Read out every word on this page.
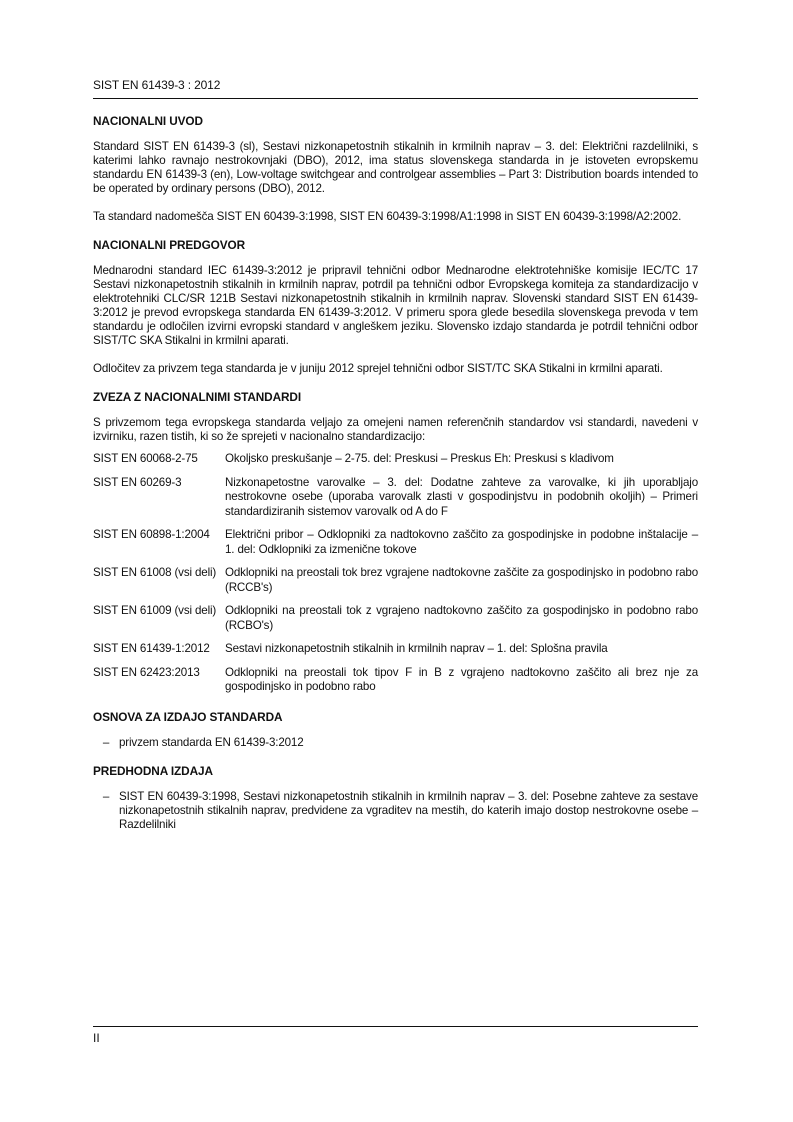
SIST EN 61439-3 : 2012
NACIONALNI UVOD

Standard SIST EN 61439-3 (sl), Sestavi nizkonapetostnih stikalnih in krmilnih naprav – 3. del: Električni razdelilniki, s katerimi lahko ravnajo nestrokovnjaki (DBO), 2012, ima status slovenskega standarda in je istoveten evropskemu standardu EN 61439-3 (en), Low-voltage switchgear and controlgear assemblies – Part 3: Distribution boards intended to be operated by ordinary persons (DBO), 2012.

Ta standard nadomešča SIST EN 60439-3:1998, SIST EN 60439-3:1998/A1:1998 in SIST EN 60439-3:1998/A2:2002.

NACIONALNI PREDGOVOR

Mednarodni standard IEC 61439-3:2012 je pripravil tehnični odbor Mednarodne elektrotehniške komisije IEC/TC 17 Sestavi nizkonapetostnih stikalnih in krmilnih naprav, potrdil pa tehnični odbor Evropskega komiteja za standardizacijo v elektrotehniki CLC/SR 121B Sestavi nizkonapetostnih stikalnih in krmilnih naprav. Slovenski standard SIST EN 61439-3:2012 je prevod evropskega standarda EN 61439-3:2012. V primeru spora glede besedila slovenskega prevoda v tem standardu je odločilen izvirni evropski standard v angleškem jeziku. Slovensko izdajo standarda je potrdil tehnični odbor SIST/TC SKA Stikalni in krmilni aparati.

Odločitev za privzem tega standarda je v juniju 2012 sprejel tehnični odbor SIST/TC SKA Stikalni in krmilni aparati.

ZVEZA Z NACIONALNIMI STANDARDI

S privzemom tega evropskega standarda veljajo za omejeni namen referenčnih standardov vsi standardi, navedeni v izvirniku, razen tistih, ki so že sprejeti v nacionalno standardizacijo:

SIST EN 60068-2-75	Okoljsko preskušanje – 2-75. del: Preskusi – Preskus Eh: Preskusi s kladivom
SIST EN 60269-3	Nizkonapetostne varovalke – 3. del: Dodatne zahteve za varovalke, ki jih uporabljajo nestrokovne osebe (uporaba varovalk zlasti v gospodinjstvu in podobnih okoljih) – Primeri standardiziranih sistemov varovalk od A do F
SIST EN 60898-1:2004	Električni pribor – Odklopniki za nadtokovno zaščito za gospodinjske in podobne inštalacije – 1. del: Odklopniki za izmenične tokove
SIST EN 61008 (vsi deli)	Odklopniki na preostali tok brez vgrajene nadtokovne zaščite za gospodinjsko in podobno rabo (RCCB's)
SIST EN 61009 (vsi deli)	Odklopniki na preostali tok z vgrajeno nadtokovno zaščito za gospodinjsko in podobno rabo (RCBO's)
SIST EN 61439-1:2012	Sestavi nizkonapetostnih stikalnih in krmilnih naprav – 1. del: Splošna pravila
SIST EN 62423:2013	Odklopniki na preostali tok tipov F in B z vgrajeno nadtokovno zaščito ali brez nje za gospodinjsko in podobno rabo
OSNOVA ZA IZDAJO STANDARDA
– privzem standarda EN 61439-3:2012
PREDHODNA IZDAJA
– SIST EN 60439-3:1998, Sestavi nizkonapetostnih stikalnih in krmilnih naprav – 3. del: Posebne zahteve za sestave nizkonapetostnih stikalnih naprav, predvidene za vgraditev na mestih, do katerih imajo dostop nestrokovne osebe – Razdelilniki
II
